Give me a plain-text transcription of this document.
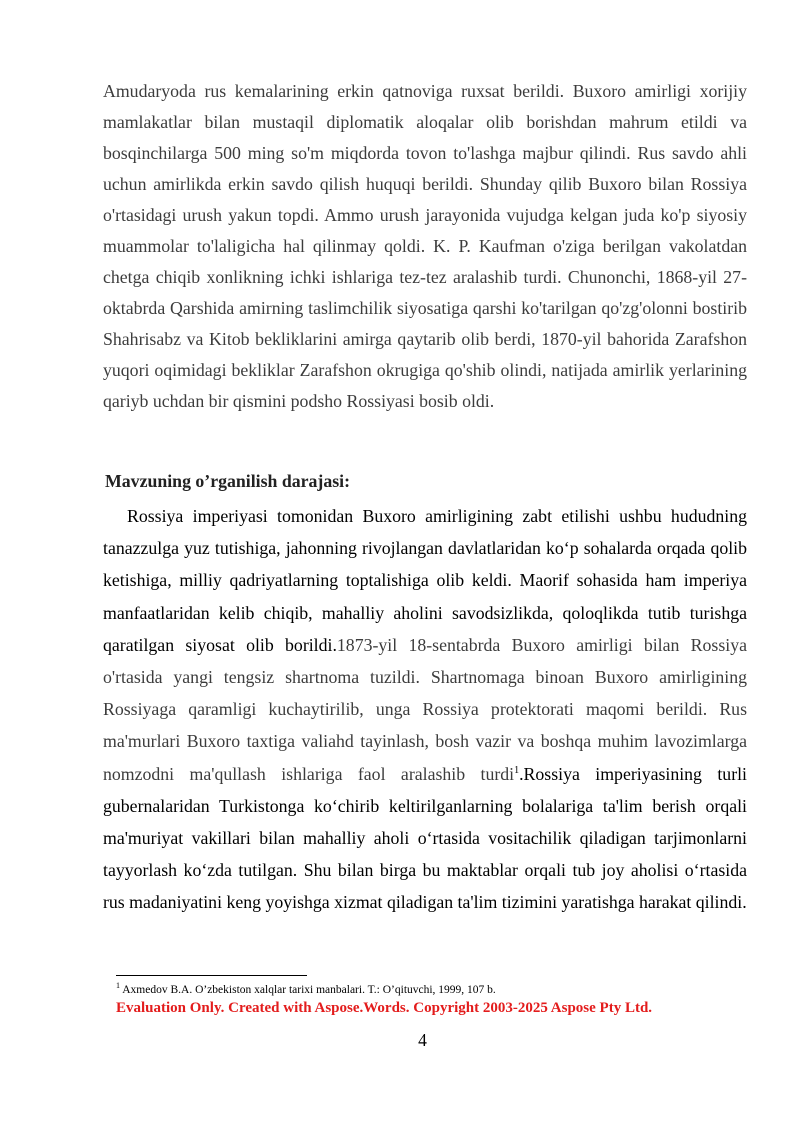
Amudaryoda rus kemalarining erkin qatnoviga ruxsat berildi. Buxoro amirligi xorijiy mamlakatlar bilan mustaqil diplomatik aloqalar olib borishdan mahrum etildi va bosqinchilarga 500 ming so'm miqdorda tovon to'lashga majbur qilindi. Rus savdo ahli uchun amirlikda erkin savdo qilish huquqi berildi. Shunday qilib Buxoro bilan Rossiya o'rtasidagi urush yakun topdi. Ammo urush jarayonida vujudga kelgan juda ko'p siyosiy muammolar to'laligicha hal qilinmay qoldi. K. P. Kaufman o'ziga berilgan vakolatdan chetga chiqib xonlikning ichki ishlariga tez-tez aralashib turdi. Chunonchi, 1868-yil 27-oktabrda Qarshida amirning taslimchilik siyosatiga qarshi ko'tarilgan qo'zg'olonni bostirib Shahrisabz va Kitob bekliklarini amirga qaytarib olib berdi, 1870-yil bahorida Zarafshon yuqori oqimidagi bekliklar Zarafshon okrugiga qo'shib olindi, natijada amirlik yerlarining qariyb uchdan bir qismini podsho Rossiyasi bosib oldi.

Mavzuning o’rganilish darajasi:

Rossiya imperiyasi tomonidan Buxoro amirligining zabt etilishi ushbu hududning tanazzulga yuz tutishiga, jahonning rivojlangan davlatlaridan ko‘p sohalarda orqada qolib ketishiga, milliy qadriyatlarning toptalishiga olib keldi. Maorif sohasida ham imperiya manfaatlaridan kelib chiqib, mahalliy aholini savodsizlikda, qoloqlikda tutib turishga qaratilgan siyosat olib borildi.1873-yil 18-sentabrda Buxoro amirligi bilan Rossiya o'rtasida yangi tengsiz shartnoma tuzildi. Shartnomaga binoan Buxoro amirligining Rossiyaga qaramligi kuchaytirilib, unga Rossiya protektorati maqomi berildi. Rus ma'murlari Buxoro taxtiga valiahd tayinlash, bosh vazir va boshqa muhim lavozimlarga nomzodni ma'qullash ishlariga faol aralashib turdi$^1$.Rossiya imperiyasining turli gubernalaridan Turkistonga ko‘chirib keltirilganlarning bolalariga ta'lim berish orqali ma'muriyat vakillari bilan mahalliy aholi o‘rtasida vositachilik qiladigan tarjimonlarni tayyorlash ko‘zda tutilgan. Shu bilan birga bu maktablar orqali tub joy aholisi o‘rtasida rus madaniyatini keng yoyishga xizmat qiladigan ta'lim tizimini yaratishga harakat qilindi.

$^1$ Axmedov B.A. O’zbekiston xalqlar tarixi manbalari. T.: O’qituvchi, 1999, 107 b.

Evaluation Only. Created with Aspose.Words. Copyright 2003-2025 Aspose Pty Ltd.

4
